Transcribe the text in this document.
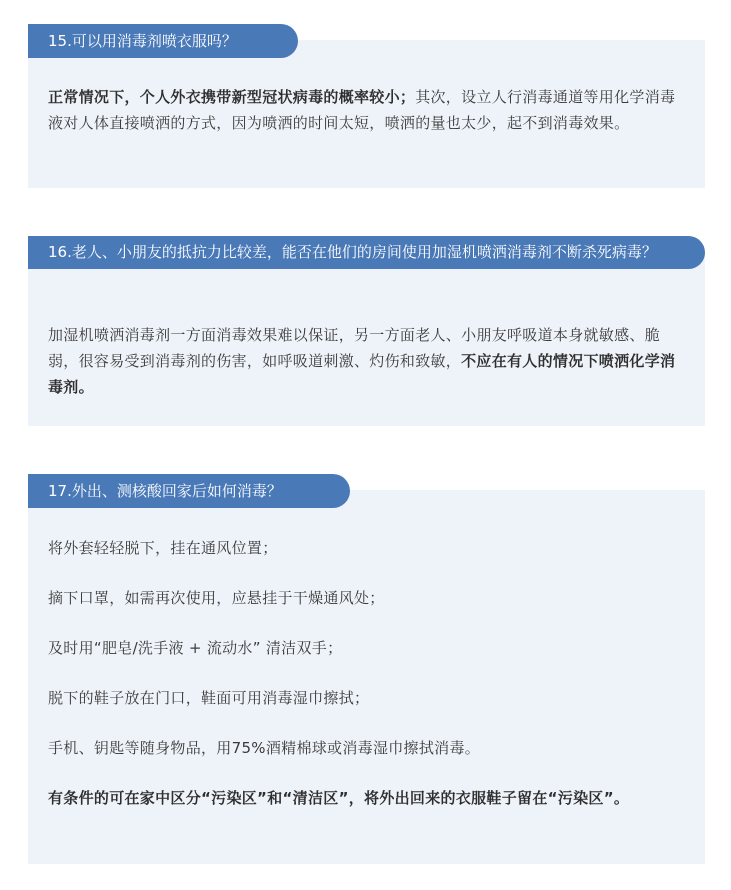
15.可以用消毒剂喷衣服吗？

正常情况下，个人外衣携带新型冠状病毒的概率较小；其次，设立人行消毒通道等用化学消毒液对人体直接喷洒的方式，因为喷洒的时间太短，喷洒的量也太少，起不到消毒效果。

16.老人、小朋友的抵抗力比较差，能否在他们的房间使用加湿机喷洒消毒剂不断杀死病毒？

加湿机喷洒消毒剂一方面消毒效果难以保证，另一方面老人、小朋友呼吸道本身就敏感、脆弱，很容易受到消毒剂的伤害，如呼吸道刺激、灼伤和致敏，不应在有人的情况下喷洒化学消毒剂。

17.外出、测核酸回家后如何消毒？

将外套轻轻脱下，挂在通风位置；

摘下口罩，如需再次使用，应悬挂于干燥通风处；

及时用“肥皂/洗手液 + 流动水” 清洁双手；

脱下的鞋子放在门口，鞋面可用消毒湿巾擦拭；

手机、钥匙等随身物品，用75%酒精棉球或消毒湿巾擦拭消毒。

有条件的可在家中区分“污染区”和“清洁区”，将外出回来的衣服鞋子留在“污染区”。
